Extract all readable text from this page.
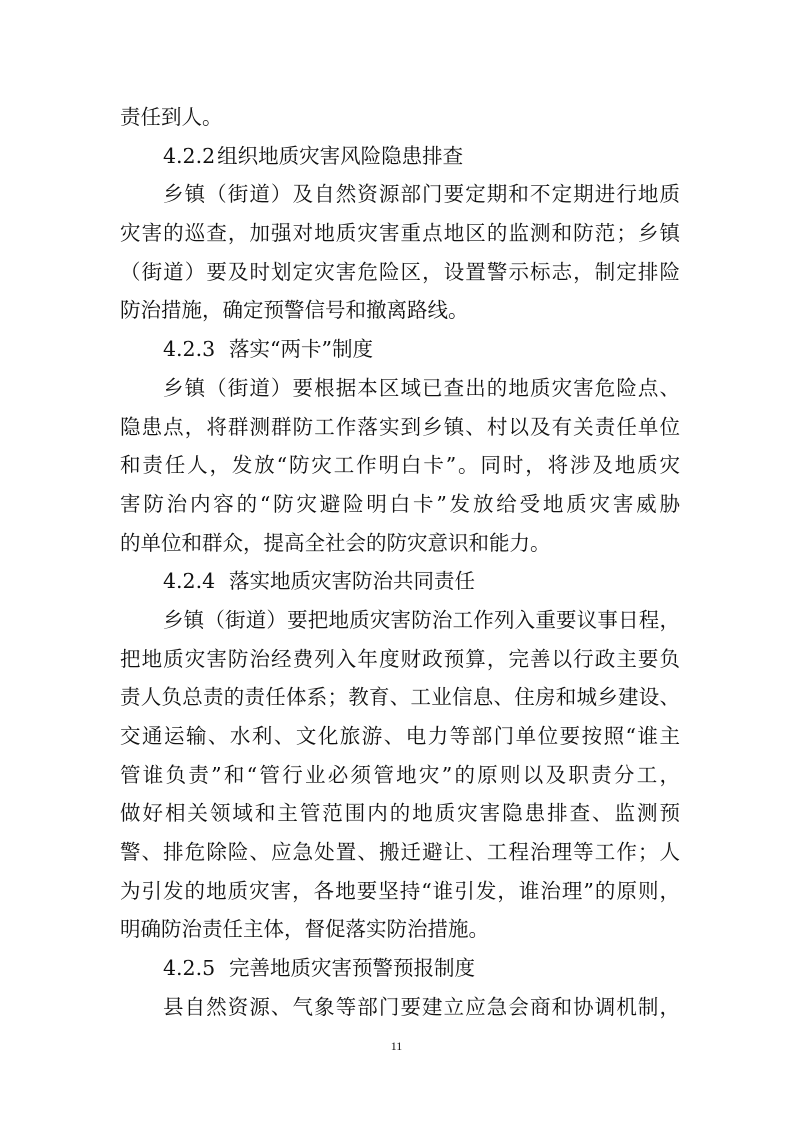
责任到人。
4.2.2组织地质灾害风险隐患排查
乡镇（街道）及自然资源部门要定期和不定期进行地质
灾害的巡查，加强对地质灾害重点地区的监测和防范；乡镇
（街道）要及时划定灾害危险区，设置警示标志，制定排险
防治措施，确定预警信号和撤离路线。
4.2.3 落实“两卡”制度
乡镇（街道）要根据本区域已查出的地质灾害危险点、
隐患点，将群测群防工作落实到乡镇、村以及有关责任单位
和责任人，发放“防灾工作明白卡”。同时，将涉及地质灾
害防治内容的“防灾避险明白卡”发放给受地质灾害威胁
的单位和群众，提高全社会的防灾意识和能力。
4.2.4 落实地质灾害防治共同责任
乡镇（街道）要把地质灾害防治工作列入重要议事日程，
把地质灾害防治经费列入年度财政预算，完善以行政主要负
责人负总责的责任体系；教育、工业信息、住房和城乡建设、
交通运输、水利、文化旅游、电力等部门单位要按照“谁主
管谁负责”和“管行业必须管地灾”的原则以及职责分工，
做好相关领域和主管范围内的地质灾害隐患排查、监测预
警、排危除险、应急处置、搬迁避让、工程治理等工作；人
为引发的地质灾害，各地要坚持“谁引发，谁治理”的原则，
明确防治责任主体，督促落实防治措施。
4.2.5 完善地质灾害预警预报制度
县自然资源、气象等部门要建立应急会商和协调机制，
11
